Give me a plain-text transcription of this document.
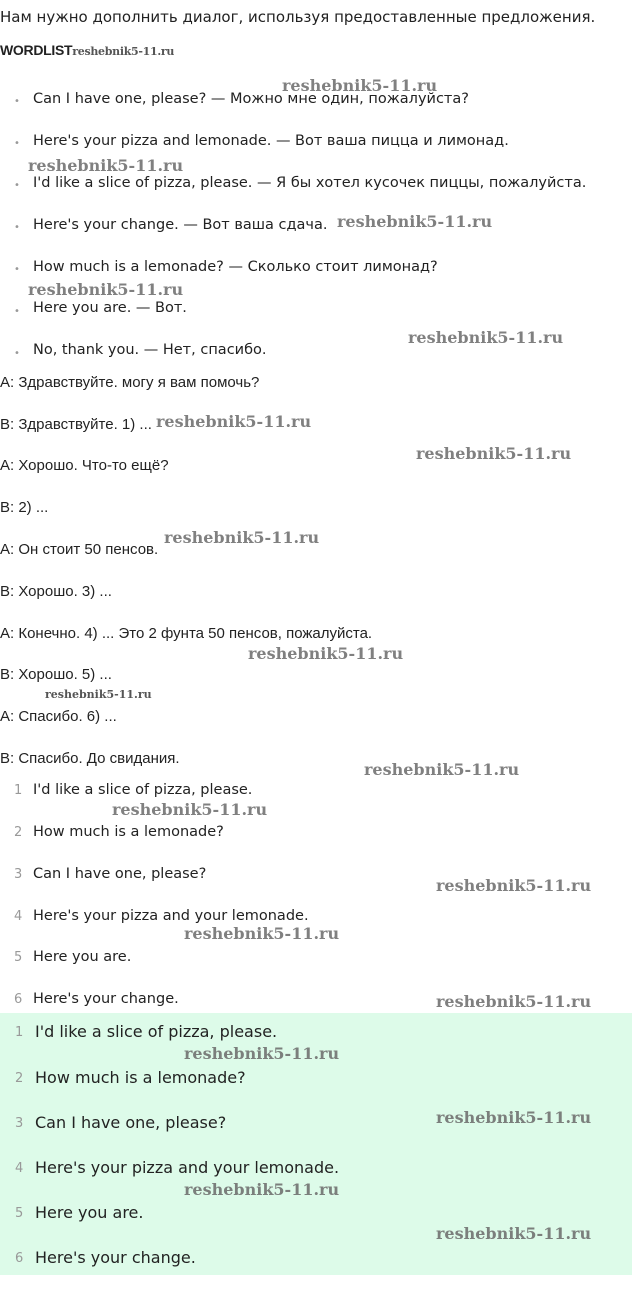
Нам нужно дополнить диалог, используя предоставленные предложения.
WORDLISTreshebnik5-11.ru
• Can I have one, please? — Можно мне один, пожалуйста?
• Here's your pizza and lemonade. — Вот ваша пицца и лимонад.
• I'd like a slice of pizza, please. — Я бы хотел кусочек пиццы, пожалуйста.
• Here's your change. — Вот ваша сдача.
• How much is a lemonade? — Сколько стоит лимонад?
• Here you are. — Вот.
• No, thank you. — Нет, спасибо.
A: Здравствуйте. могу я вам помочь?
B: Здравствуйте. 1) ...
A: Хорошо. Что-то ещё?
B: 2) ...
A: Он стоит 50 пенсов.
B: Хорошо. 3) ...
A: Конечно. 4) ... Это 2 фунта 50 пенсов, пожалуйста.
B: Хорошо. 5) ...
A: Спасибо. 6) ...
B: Спасибо. До свидания.
1 I'd like a slice of pizza, please.
2 How much is a lemonade?
3 Can I have one, please?
4 Here's your pizza and your lemonade.
5 Here you are.
6 Here's your change.
1 I'd like a slice of pizza, please.
2 How much is a lemonade?
3 Can I have one, please?
4 Here's your pizza and your lemonade.
5 Here you are.
6 Here's your change.
reshebnik5-11.ru
reshebnik5-11.ru
reshebnik5-11.ru
reshebnik5-11.ru
reshebnik5-11.ru
reshebnik5-11.ru
reshebnik5-11.ru
reshebnik5-11.ru
reshebnik5-11.ru
reshebnik5-11.ru
reshebnik5-11.ru
reshebnik5-11.ru
reshebnik5-11.ru
reshebnik5-11.ru
reshebnik5-11.ru
reshebnik5-11.ru
reshebnik5-11.ru
reshebnik5-11.ru
reshebnik5-11.ru
